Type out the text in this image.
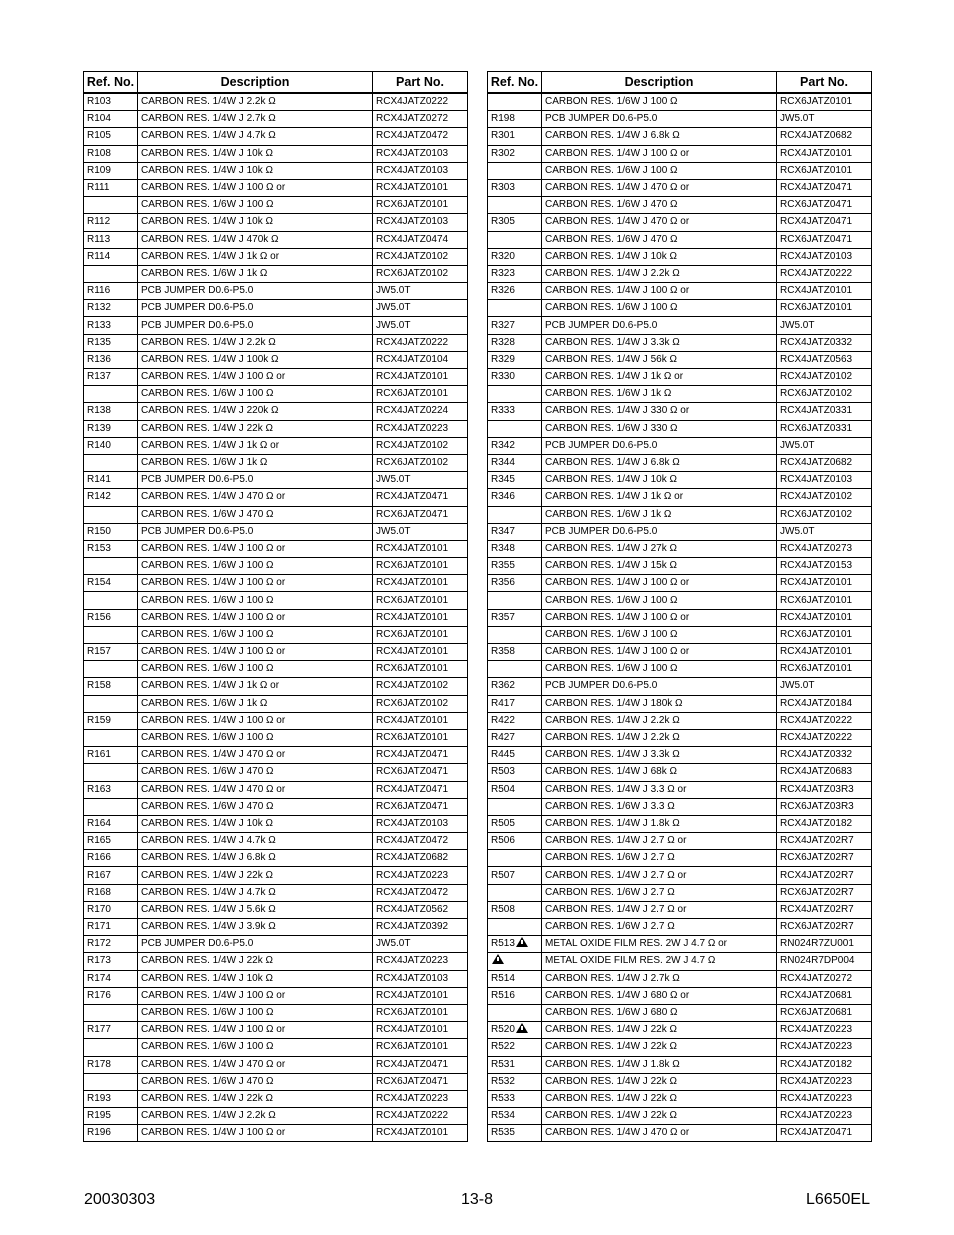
Ref. No.	Description	Part No.
R103	CARBON RES. 1/4W J 2.2k Ω	RCX4JATZ0222
R104	CARBON RES. 1/4W J 2.7k Ω	RCX4JATZ0272
R105	CARBON RES. 1/4W J 4.7k Ω	RCX4JATZ0472
R108	CARBON RES. 1/4W J 10k Ω	RCX4JATZ0103
R109	CARBON RES. 1/4W J 10k Ω	RCX4JATZ0103
R111	CARBON RES. 1/4W J 100 Ω or	RCX4JATZ0101
	CARBON RES. 1/6W J 100 Ω	RCX6JATZ0101
R112	CARBON RES. 1/4W J 10k Ω	RCX4JATZ0103
R113	CARBON RES. 1/4W J 470k Ω	RCX4JATZ0474
R114	CARBON RES. 1/4W J 1k Ω or	RCX4JATZ0102
	CARBON RES. 1/6W J 1k Ω	RCX6JATZ0102
R116	PCB JUMPER D0.6-P5.0	JW5.0T
R132	PCB JUMPER D0.6-P5.0	JW5.0T
R133	PCB JUMPER D0.6-P5.0	JW5.0T
R135	CARBON RES. 1/4W J 2.2k Ω	RCX4JATZ0222
R136	CARBON RES. 1/4W J 100k Ω	RCX4JATZ0104
R137	CARBON RES. 1/4W J 100 Ω or	RCX4JATZ0101
	CARBON RES. 1/6W J 100 Ω	RCX6JATZ0101
R138	CARBON RES. 1/4W J 220k Ω	RCX4JATZ0224
R139	CARBON RES. 1/4W J 22k Ω	RCX4JATZ0223
R140	CARBON RES. 1/4W J 1k Ω or	RCX4JATZ0102
	CARBON RES. 1/6W J 1k Ω	RCX6JATZ0102
R141	PCB JUMPER D0.6-P5.0	JW5.0T
R142	CARBON RES. 1/4W J 470 Ω or	RCX4JATZ0471
	CARBON RES. 1/6W J 470 Ω	RCX6JATZ0471
R150	PCB JUMPER D0.6-P5.0	JW5.0T
R153	CARBON RES. 1/4W J 100 Ω or	RCX4JATZ0101
	CARBON RES. 1/6W J 100 Ω	RCX6JATZ0101
R154	CARBON RES. 1/4W J 100 Ω or	RCX4JATZ0101
	CARBON RES. 1/6W J 100 Ω	RCX6JATZ0101
R156	CARBON RES. 1/4W J 100 Ω or	RCX4JATZ0101
	CARBON RES. 1/6W J 100 Ω	RCX6JATZ0101
R157	CARBON RES. 1/4W J 100 Ω or	RCX4JATZ0101
	CARBON RES. 1/6W J 100 Ω	RCX6JATZ0101
R158	CARBON RES. 1/4W J 1k Ω or	RCX4JATZ0102
	CARBON RES. 1/6W J 1k Ω	RCX6JATZ0102
R159	CARBON RES. 1/4W J 100 Ω or	RCX4JATZ0101
	CARBON RES. 1/6W J 100 Ω	RCX6JATZ0101
R161	CARBON RES. 1/4W J 470 Ω or	RCX4JATZ0471
	CARBON RES. 1/6W J 470 Ω	RCX6JATZ0471
R163	CARBON RES. 1/4W J 470 Ω or	RCX4JATZ0471
	CARBON RES. 1/6W J 470 Ω	RCX6JATZ0471
R164	CARBON RES. 1/4W J 10k Ω	RCX4JATZ0103
R165	CARBON RES. 1/4W J 4.7k Ω	RCX4JATZ0472
R166	CARBON RES. 1/4W J 6.8k Ω	RCX4JATZ0682
R167	CARBON RES. 1/4W J 22k Ω	RCX4JATZ0223
R168	CARBON RES. 1/4W J 4.7k Ω	RCX4JATZ0472
R170	CARBON RES. 1/4W J 5.6k Ω	RCX4JATZ0562
R171	CARBON RES. 1/4W J 3.9k Ω	RCX4JATZ0392
R172	PCB JUMPER D0.6-P5.0	JW5.0T
R173	CARBON RES. 1/4W J 22k Ω	RCX4JATZ0223
R174	CARBON RES. 1/4W J 10k Ω	RCX4JATZ0103
R176	CARBON RES. 1/4W J 100 Ω or	RCX4JATZ0101
	CARBON RES. 1/6W J 100 Ω	RCX6JATZ0101
R177	CARBON RES. 1/4W J 100 Ω or	RCX4JATZ0101
	CARBON RES. 1/6W J 100 Ω	RCX6JATZ0101
R178	CARBON RES. 1/4W J 470 Ω or	RCX4JATZ0471
	CARBON RES. 1/6W J 470 Ω	RCX6JATZ0471
R193	CARBON RES. 1/4W J 22k Ω	RCX4JATZ0223
R195	CARBON RES. 1/4W J 2.2k Ω	RCX4JATZ0222
R196	CARBON RES. 1/4W J 100 Ω or	RCX4JATZ0101
Ref. No.	Description	Part No.
	CARBON RES. 1/6W J 100 Ω	RCX6JATZ0101
R198	PCB JUMPER D0.6-P5.0	JW5.0T
R301	CARBON RES. 1/4W J 6.8k Ω	RCX4JATZ0682
R302	CARBON RES. 1/4W J 100 Ω or	RCX4JATZ0101
	CARBON RES. 1/6W J 100 Ω	RCX6JATZ0101
R303	CARBON RES. 1/4W J 470 Ω or	RCX4JATZ0471
	CARBON RES. 1/6W J 470 Ω	RCX6JATZ0471
R305	CARBON RES. 1/4W J 470 Ω or	RCX4JATZ0471
	CARBON RES. 1/6W J 470 Ω	RCX6JATZ0471
R320	CARBON RES. 1/4W J 10k Ω	RCX4JATZ0103
R323	CARBON RES. 1/4W J 2.2k Ω	RCX4JATZ0222
R326	CARBON RES. 1/4W J 100 Ω or	RCX4JATZ0101
	CARBON RES. 1/6W J 100 Ω	RCX6JATZ0101
R327	PCB JUMPER D0.6-P5.0	JW5.0T
R328	CARBON RES. 1/4W J 3.3k Ω	RCX4JATZ0332
R329	CARBON RES. 1/4W J 56k Ω	RCX4JATZ0563
R330	CARBON RES. 1/4W J 1k Ω or	RCX4JATZ0102
	CARBON RES. 1/6W J 1k Ω	RCX6JATZ0102
R333	CARBON RES. 1/4W J 330 Ω or	RCX4JATZ0331
	CARBON RES. 1/6W J 330 Ω	RCX6JATZ0331
R342	PCB JUMPER D0.6-P5.0	JW5.0T
R344	CARBON RES. 1/4W J 6.8k Ω	RCX4JATZ0682
R345	CARBON RES. 1/4W J 10k Ω	RCX4JATZ0103
R346	CARBON RES. 1/4W J 1k Ω or	RCX4JATZ0102
	CARBON RES. 1/6W J 1k Ω	RCX6JATZ0102
R347	PCB JUMPER D0.6-P5.0	JW5.0T
R348	CARBON RES. 1/4W J 27k Ω	RCX4JATZ0273
R355	CARBON RES. 1/4W J 15k Ω	RCX4JATZ0153
R356	CARBON RES. 1/4W J 100 Ω or	RCX4JATZ0101
	CARBON RES. 1/6W J 100 Ω	RCX6JATZ0101
R357	CARBON RES. 1/4W J 100 Ω or	RCX4JATZ0101
	CARBON RES. 1/6W J 100 Ω	RCX6JATZ0101
R358	CARBON RES. 1/4W J 100 Ω or	RCX4JATZ0101
	CARBON RES. 1/6W J 100 Ω	RCX6JATZ0101
R362	PCB JUMPER D0.6-P5.0	JW5.0T
R417	CARBON RES. 1/4W J 180k Ω	RCX4JATZ0184
R422	CARBON RES. 1/4W J 2.2k Ω	RCX4JATZ0222
R427	CARBON RES. 1/4W J 2.2k Ω	RCX4JATZ0222
R445	CARBON RES. 1/4W J 3.3k Ω	RCX4JATZ0332
R503	CARBON RES. 1/4W J 68k Ω	RCX4JATZ0683
R504	CARBON RES. 1/4W J 3.3 Ω or	RCX4JATZ03R3
	CARBON RES. 1/6W J 3.3 Ω	RCX6JATZ03R3
R505	CARBON RES. 1/4W J 1.8k Ω	RCX4JATZ0182
R506	CARBON RES. 1/4W J 2.7 Ω or	RCX4JATZ02R7
	CARBON RES. 1/6W J 2.7 Ω	RCX6JATZ02R7
R507	CARBON RES. 1/4W J 2.7 Ω or	RCX4JATZ02R7
	CARBON RES. 1/6W J 2.7 Ω	RCX6JATZ02R7
R508	CARBON RES. 1/4W J 2.7 Ω or	RCX4JATZ02R7
	CARBON RES. 1/6W J 2.7 Ω	RCX6JATZ02R7
R513	METAL OXIDE FILM RES. 2W J 4.7 Ω or	RN024R7ZU001
	METAL OXIDE FILM RES. 2W J 4.7 Ω	RN024R7DP004
R514	CARBON RES. 1/4W J 2.7k Ω	RCX4JATZ0272
R516	CARBON RES. 1/4W J 680 Ω or	RCX4JATZ0681
	CARBON RES. 1/6W J 680 Ω	RCX6JATZ0681
R520	CARBON RES. 1/4W J 22k Ω	RCX4JATZ0223
R522	CARBON RES. 1/4W J 22k Ω	RCX4JATZ0223
R531	CARBON RES. 1/4W J 1.8k Ω	RCX4JATZ0182
R532	CARBON RES. 1/4W J 22k Ω	RCX4JATZ0223
R533	CARBON RES. 1/4W J 22k Ω	RCX4JATZ0223
R534	CARBON RES. 1/4W J 22k Ω	RCX4JATZ0223
R535	CARBON RES. 1/4W J 470 Ω or	RCX4JATZ0471
20030303	13-8	L6650EL
